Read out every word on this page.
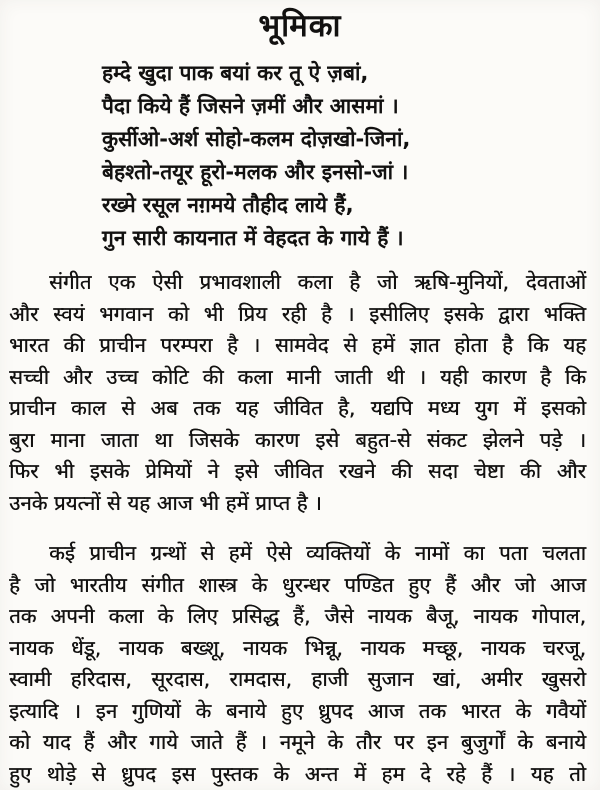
भूमिका
हम्दे खुदा पाक बयां कर तू ऐ ज़बां,
पैदा किये हैं जिसने ज़मीं और आसमां ।
कुर्सीओ-अर्श सोहो-कलम दोज़खो-जिनां,
बेहश्तो-तयूर हूरो-मलक और इनसो-जां ।
रख्मे रसूल नग़मये तौहीद लाये हैं,
गुन सारी कायनात में वेहदत के गाये हैं ।
संगीत एक ऐसी प्रभावशाली कला है जो ऋषि-मुनियों, देवताओं
और स्वयं भगवान को भी प्रिय रही है । इसीलिए इसके द्वारा भक्ति
भारत की प्राचीन परम्परा है । सामवेद से हमें ज्ञात होता है कि यह
सच्ची और उच्च कोटि की कला मानी जाती थी । यही कारण है कि
प्राचीन काल से अब तक यह जीवित है, यद्यपि मध्य युग में इसको
बुरा माना जाता था जिसके कारण इसे बहुत-से संकट झेलने पड़े ।
फिर भी इसके प्रेमियों ने इसे जीवित रखने की सदा चेष्टा की और
उनके प्रयत्नों से यह आज भी हमें प्राप्त है ।
कई प्राचीन ग्रन्थों से हमें ऐसे व्यक्तियों के नामों का पता चलता
है जो भारतीय संगीत शास्त्र के धुरन्धर पण्डित हुए हैं और जो आज
तक अपनी कला के लिए प्रसिद्ध हैं, जैसे नायक बैजू, नायक गोपाल,
नायक धेंडू, नायक बख्शू, नायक भिन्नू, नायक मच्छू, नायक चरजू,
स्वामी हरिदास, सूरदास, रामदास, हाजी सुजान खां, अमीर खुसरो
इत्यादि । इन गुणियों के बनाये हुए ध्रुपद आज तक भारत के गवैयों
को याद हैं और गाये जाते हैं । नमूने के तौर पर इन बुजुर्गों के बनाये
हुए थोड़े से ध्रुपद इस पुस्तक के अन्त में हम दे रहे हैं । यह तो
